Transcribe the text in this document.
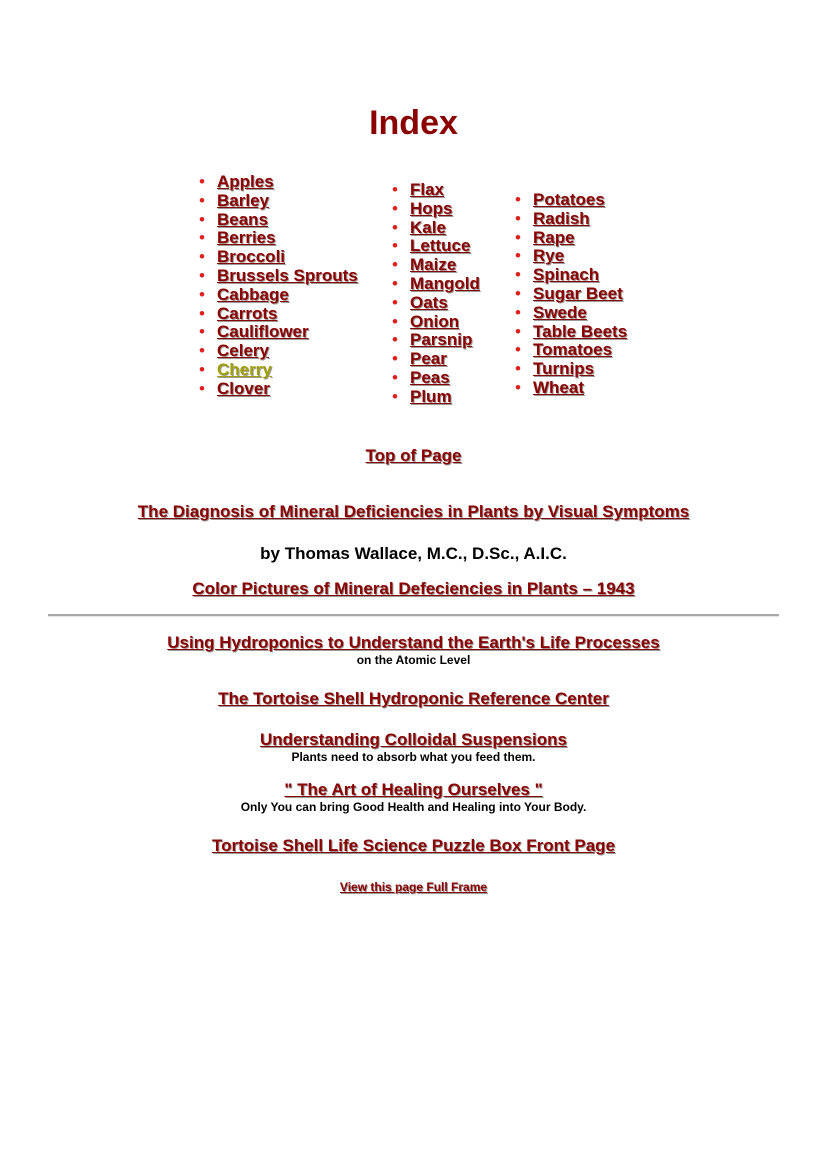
Index
• Apples
• Barley
• Beans
• Berries
• Broccoli
• Brussels Sprouts
• Cabbage
• Carrots
• Cauliflower
• Celery
• Cherry
• Clover
• Flax
• Hops
• Kale
• Lettuce
• Maize
• Mangold
• Oats
• Onion
• Parsnip
• Pear
• Peas
• Plum
• Potatoes
• Radish
• Rape
• Rye
• Spinach
• Sugar Beet
• Swede
• Table Beets
• Tomatoes
• Turnips
• Wheat
Top of Page
The Diagnosis of Mineral Deficiencies in Plants by Visual Symptoms
by Thomas Wallace, M.C., D.Sc., A.I.C.
Color Pictures of Mineral Defeciencies in Plants – 1943
Using Hydroponics to Understand the Earth's Life Processes
on the Atomic Level
The Tortoise Shell Hydroponic Reference Center
Understanding Colloidal Suspensions
Plants need to absorb what you feed them.
" The Art of Healing Ourselves "
Only You can bring Good Health and Healing into Your Body.
Tortoise Shell Life Science Puzzle Box Front Page
View this page Full Frame
